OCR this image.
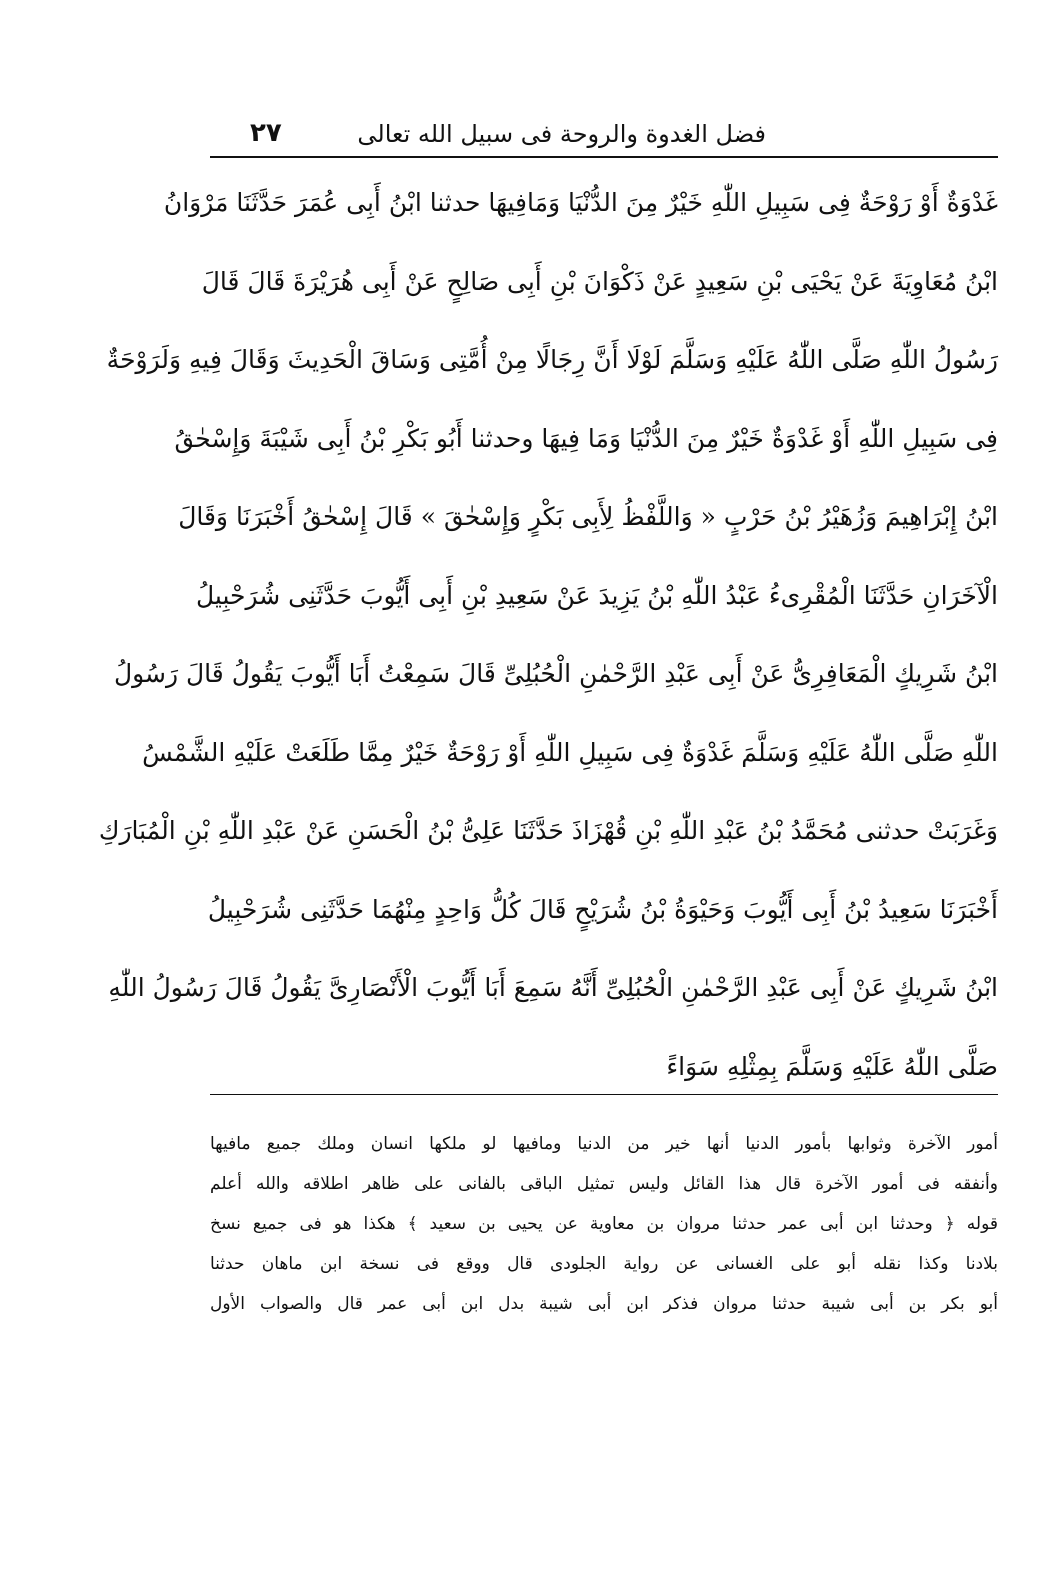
فضل الغدوة والروحة فى سبيل الله تعالى
٢٧
غَدْوَةٌ أَوْ رَوْحَةٌ فِى سَبِيلِ اللّٰهِ خَيْرٌ مِنَ الدُّنْيَا وَمَافِيهَا حدثنا ابْنُ أَبِى عُمَرَ حَدَّثَنَا مَرْوَانُ
ابْنُ مُعَاوِيَةَ عَنْ يَحْيَى بْنِ سَعِيدٍ عَنْ ذَكْوَانَ بْنِ أَبِى صَالِحٍ عَنْ أَبِى هُرَيْرَةَ قَالَ قَالَ
رَسُولُ اللّٰهِ صَلَّى اللّٰهُ عَلَيْهِ وَسَلَّمَ لَوْلَا أَنَّ رِجَالًا مِنْ أُمَّتِى وَسَاقَ الْحَدِيثَ وَقَالَ فِيهِ وَلَرَوْحَةٌ
فِى سَبِيلِ اللّٰهِ أَوْ غَدْوَةٌ خَيْرٌ مِنَ الدُّنْيَا وَمَا فِيهَا وحدثنا أَبُو بَكْرِ بْنُ أَبِى شَيْبَةَ وَإِسْحٰقُ
ابْنُ إِبْرَاهِيمَ وَزُهَيْرُ بْنُ حَرْبٍ « وَاللَّفْظُ لِأَبِى بَكْرٍ وَإِسْحٰقَ » قَالَ إِسْحٰقُ أَخْبَرَنَا وَقَالَ
الْآخَرَانِ حَدَّثَنَا الْمُقْرِىءُ عَبْدُ اللّٰهِ بْنُ يَزِيدَ عَنْ سَعِيدِ بْنِ أَبِى أَيُّوبَ حَدَّثَنِى شُرَحْبِيلُ
ابْنُ شَرِيكٍ الْمَعَافِرِىُّ عَنْ أَبِى عَبْدِ الرَّحْمٰنِ الْحُبُلِىِّ قَالَ سَمِعْتُ أَبَا أَيُّوبَ يَقُولُ قَالَ رَسُولُ
اللّٰهِ صَلَّى اللّٰهُ عَلَيْهِ وَسَلَّمَ غَدْوَةٌ فِى سَبِيلِ اللّٰهِ أَوْ رَوْحَةٌ خَيْرٌ مِمَّا طَلَعَتْ عَلَيْهِ الشَّمْسُ
وَغَرَبَتْ حدثنى مُحَمَّدُ بْنُ عَبْدِ اللّٰهِ بْنِ قُهْزَاذَ حَدَّثَنَا عَلِىُّ بْنُ الْحَسَنِ عَنْ عَبْدِ اللّٰهِ بْنِ الْمُبَارَكِ
أَخْبَرَنَا سَعِيدُ بْنُ أَبِى أَيُّوبَ وَحَيْوَةُ بْنُ شُرَيْحٍ قَالَ كُلُّ وَاحِدٍ مِنْهُمَا حَدَّثَنِى شُرَحْبِيلُ
ابْنُ شَرِيكٍ عَنْ أَبِى عَبْدِ الرَّحْمٰنِ الْحُبُلِىِّ أَنَّهُ سَمِعَ أَبَا أَيُّوبَ الْأَنْصَارِىَّ يَقُولُ قَالَ رَسُولُ اللّٰهِ
صَلَّى اللّٰهُ عَلَيْهِ وَسَلَّمَ بِمِثْلِهِ سَوَاءً
أمور الآخرة وثوابها بأمور الدنيا أنها خير من الدنيا ومافيها لو ملكها انسان وملك جميع مافيها
وأنفقه فى أمور الآخرة قال هذا القائل وليس تمثيل الباقى بالفانى على ظاهر اطلاقه والله أعلم
قوله ﴿ وحدثنا ابن أبى عمر حدثنا مروان بن معاوية عن يحيى بن سعيد ﴾ هكذا هو فى جميع نسخ
بلادنا وكذا نقله أبو على الغسانى عن رواية الجلودى قال ووقع فى نسخة ابن ماهان حدثنا
أبو بكر بن أبى شيبة حدثنا مروان فذكر ابن أبى شيبة بدل ابن أبى عمر قال والصواب الأول
